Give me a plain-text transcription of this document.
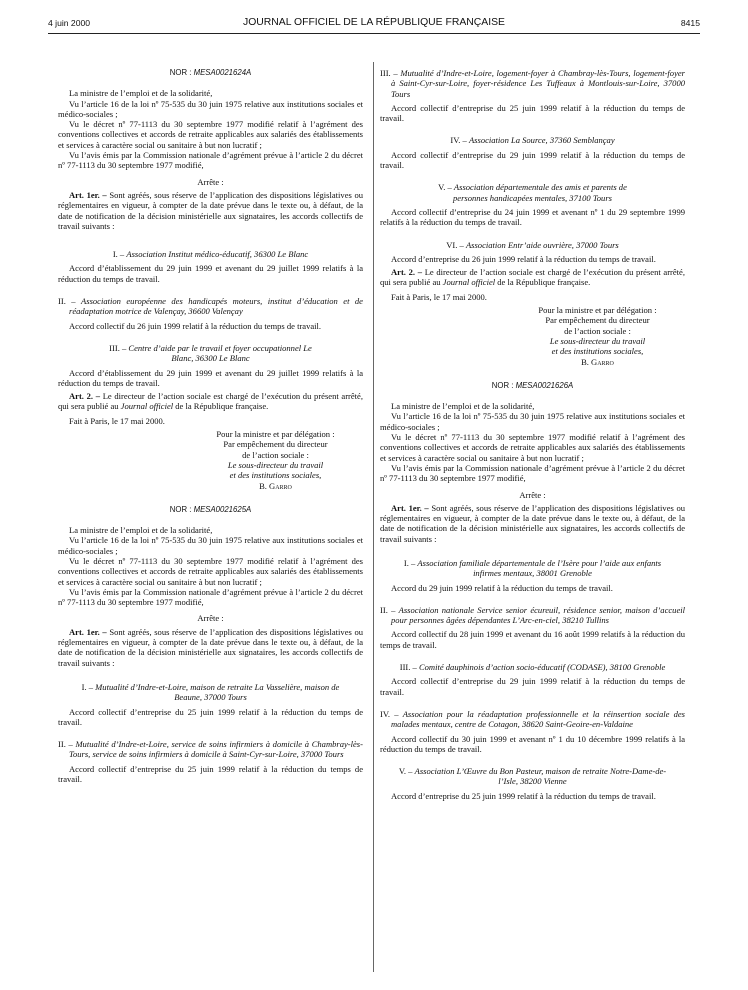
4 juin 2000	JOURNAL OFFICIEL DE LA RÉPUBLIQUE FRANÇAISE	8415

NOR : MESA0021624A

La ministre de l’emploi et de la solidarité,

Vu l’article 16 de la loi nº 75-535 du 30 juin 1975 relative aux institutions sociales et médico-sociales ;

Vu le décret nº 77-1113 du 30 septembre 1977 modifié relatif à l’agrément des conventions collectives et accords de retraite applicables aux salariés des établissements et services à caractère social ou sanitaire à but non lucratif ;

Vu l’avis émis par la Commission nationale d’agrément prévue à l’article 2 du décret nº 77-1113 du 30 septembre 1977 modifié,

Arrête :

Art. 1er. – Sont agréés, sous réserve de l’application des dispositions législatives ou réglementaires en vigueur, à compter de la date prévue dans le texte ou, à défaut, de la date de notification de la décision ministérielle aux signataires, les accords collectifs de travail suivants :

I. – Association Institut médico-éducatif, 36300 Le Blanc

Accord d’établissement du 29 juin 1999 et avenant du 29 juillet 1999 relatifs à la réduction du temps de travail.

II. – Association européenne des handicapés moteurs, institut d’éducation et de réadaptation motrice de Valençay, 36600 Valençay

Accord collectif du 26 juin 1999 relatif à la réduction du temps de travail.

III. – Centre d’aide par le travail et foyer occupationnel Le Blanc, 36300 Le Blanc

Accord d’établissement du 29 juin 1999 et avenant du 29 juillet 1999 relatifs à la réduction du temps de travail.

Art. 2. – Le directeur de l’action sociale est chargé de l’exécution du présent arrêté, qui sera publié au Journal officiel de la République française.

Fait à Paris, le 17 mai 2000.

Pour la ministre et par délégation :
Par empêchement du directeur
de l’action sociale :
Le sous-directeur du travail
et des institutions sociales,
B. Garro

NOR : MESA0021625A

La ministre de l’emploi et de la solidarité,

Vu l’article 16 de la loi nº 75-535 du 30 juin 1975 relative aux institutions sociales et médico-sociales ;

Vu le décret nº 77-1113 du 30 septembre 1977 modifié relatif à l’agrément des conventions collectives et accords de retraite applicables aux salariés des établissements et services à caractère social ou sanitaire à but non lucratif ;

Vu l’avis émis par la Commission nationale d’agrément prévue à l’article 2 du décret nº 77-1113 du 30 septembre 1977 modifié,

Arrête :

Art. 1er. – Sont agréés, sous réserve de l’application des dispositions législatives ou réglementaires en vigueur, à compter de la date prévue dans le texte ou, à défaut, de la date de notification de la décision ministérielle aux signataires, les accords collectifs de travail suivants :

I. – Mutualité d’Indre-et-Loire, maison de retraite La Vasselière, maison de Beaune, 37000 Tours

Accord collectif d’entreprise du 25 juin 1999 relatif à la réduction du temps de travail.

II. – Mutualité d’Indre-et-Loire, service de soins infirmiers à domicile à Chambray-lès-Tours, service de soins infirmiers à domicile à Saint-Cyr-sur-Loire, 37000 Tours

Accord collectif d’entreprise du 25 juin 1999 relatif à la réduction du temps de travail.

III. – Mutualité d’Indre-et-Loire, logement-foyer à Chambray-lès-Tours, logement-foyer à Saint-Cyr-sur-Loire, foyer-résidence Les Tuffeaux à Montlouis-sur-Loire, 37000 Tours

Accord collectif d’entreprise du 25 juin 1999 relatif à la réduction du temps de travail.

IV. – Association La Source, 37360 Semblançay

Accord collectif d’entreprise du 29 juin 1999 relatif à la réduction du temps de travail.

V. – Association départementale des amis et parents de personnes handicapées mentales, 37100 Tours

Accord collectif d’entreprise du 24 juin 1999 et avenant nº 1 du 29 septembre 1999 relatifs à la réduction du temps de travail.

VI. – Association Entr’aide ouvrière, 37000 Tours

Accord d’entreprise du 26 juin 1999 relatif à la réduction du temps de travail.

Art. 2. – Le directeur de l’action sociale est chargé de l’exécution du présent arrêté, qui sera publié au Journal officiel de la République française.

Fait à Paris, le 17 mai 2000.

Pour la ministre et par délégation :
Par empêchement du directeur
de l’action sociale :
Le sous-directeur du travail
et des institutions sociales,
B. Garro

NOR : MESA0021626A

La ministre de l’emploi et de la solidarité,

Vu l’article 16 de la loi nº 75-535 du 30 juin 1975 relative aux institutions sociales et médico-sociales ;

Vu le décret nº 77-1113 du 30 septembre 1977 modifié relatif à l’agrément des conventions collectives et accords de retraite applicables aux salariés des établissements et services à caractère social ou sanitaire à but non lucratif ;

Vu l’avis émis par la Commission nationale d’agrément prévue à l’article 2 du décret nº 77-1113 du 30 septembre 1977 modifié,

Arrête :

Art. 1er. – Sont agréés, sous réserve de l’application des dispositions législatives ou réglementaires en vigueur, à compter de la date prévue dans le texte ou, à défaut, de la date de notification de la décision ministérielle aux signataires, les accords collectifs de travail suivants :

I. – Association familiale départementale de l’Isère pour l’aide aux enfants infirmes mentaux, 38001 Grenoble

Accord du 29 juin 1999 relatif à la réduction du temps de travail.

II. – Association nationale Service senior écureuil, résidence senior, maison d’accueil pour personnes âgées dépendantes L’Arc-en-ciel, 38210 Tullins

Accord collectif du 28 juin 1999 et avenant du 16 août 1999 relatifs à la réduction du temps de travail.

III. – Comité dauphinois d’action socio-éducatif (CODASE), 38100 Grenoble

Accord collectif d’entreprise du 29 juin 1999 relatif à la réduction du temps de travail.

IV. – Association pour la réadaptation professionnelle et la réinsertion sociale des malades mentaux, centre de Cotagon, 38620 Saint-Geoire-en-Valdaine

Accord collectif du 30 juin 1999 et avenant nº 1 du 10 décembre 1999 relatifs à la réduction du temps de travail.

V. – Association L’Œuvre du Bon Pasteur, maison de retraite Notre-Dame-de-l’Isle, 38200 Vienne

Accord d’entreprise du 25 juin 1999 relatif à la réduction du temps de travail.
